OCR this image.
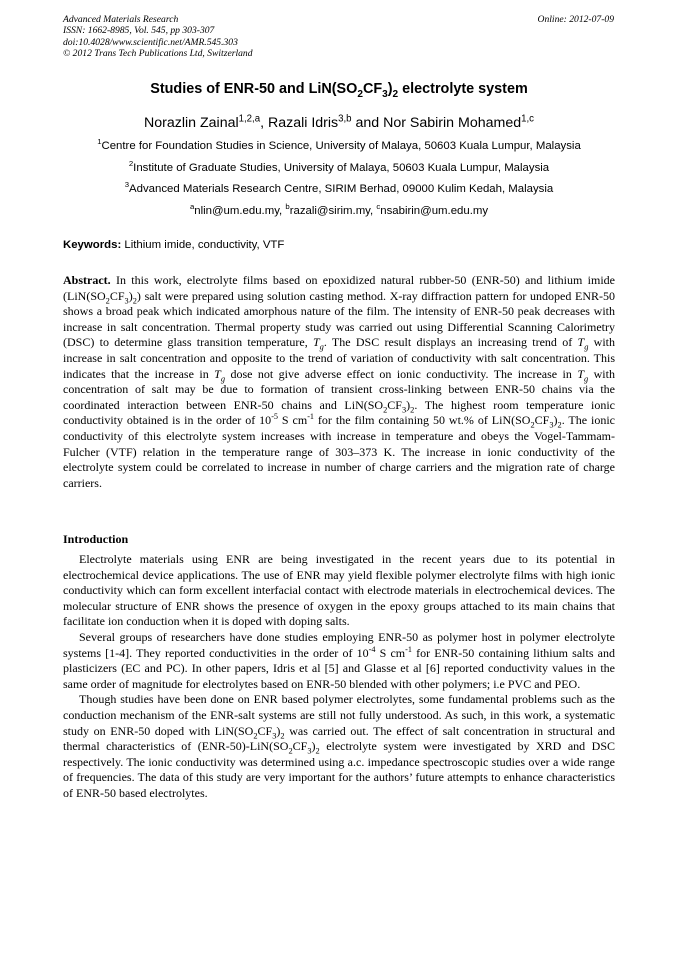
Advanced Materials Research
ISSN: 1662-8985, Vol. 545, pp 303-307
doi:10.4028/www.scientific.net/AMR.545.303
© 2012 Trans Tech Publications Ltd, Switzerland
Online: 2012-07-09
Studies of ENR-50 and $LiN(SO_2CF_3)_2$ electrolyte system
Norazlin Zainal$^{1,2,a}$, Razali Idris$^{3,b}$ and Nor Sabirin Mohamed$^{1,c}$
$^1$Centre for Foundation Studies in Science, University of Malaya, 50603 Kuala Lumpur, Malaysia
$^2$Institute of Graduate Studies, University of Malaya, 50603 Kuala Lumpur, Malaysia
$^3$Advanced Materials Research Centre, SIRIM Berhad, 09000 Kulim Kedah, Malaysia
$^a$nlin@um.edu.my, $^b$razali@sirim.my, $^c$nsabirin@um.edu.my
Keywords: Lithium imide, conductivity, VTF
Abstract. In this work, electrolyte films based on epoxidized natural rubber-50 (ENR-50) and lithium imide $(LiN(SO_2CF_3)_2)$ salt were prepared using solution casting method. X-ray diffraction pattern for undoped ENR-50 shows a broad peak which indicated amorphous nature of the film. The intensity of ENR-50 peak decreases with increase in salt concentration. Thermal property study was carried out using Differential Scanning Calorimetry (DSC) to determine glass transition temperature, $T_g$. The DSC result displays an increasing trend of $T_g$ with increase in salt concentration and opposite to the trend of variation of conductivity with salt concentration. This indicates that the increase in $T_g$ dose not give adverse effect on ionic conductivity. The increase in $T_g$ with concentration of salt may be due to formation of transient cross-linking between ENR-50 chains via the coordinated interaction between ENR-50 chains and $LiN(SO_2CF_3)_2$. The highest room temperature ionic conductivity obtained is in the order of $10^{-5}$ S $cm^{-1}$ for the film containing 50 wt.% of $LiN(SO_2CF_3)_2$. The ionic conductivity of this electrolyte system increases with increase in temperature and obeys the Vogel-Tammam-Fulcher (VTF) relation in the temperature range of 303–373 K. The increase in ionic conductivity of the electrolyte system could be correlated to increase in number of charge carriers and the migration rate of charge carriers.
Introduction

Electrolyte materials using ENR are being investigated in the recent years due to its potential in electrochemical device applications. The use of ENR may yield flexible polymer electrolyte films with high ionic conductivity which can form excellent interfacial contact with electrode materials in electrochemical devices. The molecular structure of ENR shows the presence of oxygen in the epoxy groups attached to its main chains that facilitate ion conduction when it is doped with doping salts.

Several groups of researchers have done studies employing ENR-50 as polymer host in polymer electrolyte systems [1-4]. They reported conductivities in the order of $10^{-4}$ S $cm^{-1}$ for ENR-50 containing lithium salts and plasticizers (EC and PC). In other papers, Idris et al [5] and Glasse et al [6] reported conductivity values in the same order of magnitude for electrolytes based on ENR-50 blended with other polymers; i.e PVC and PEO.

Though studies have been done on ENR based polymer electrolytes, some fundamental problems such as the conduction mechanism of the ENR-salt systems are still not fully understood. As such, in this work, a systematic study on ENR-50 doped with $LiN(SO_2CF_3)_2$ was carried out. The effect of salt concentration in structural and thermal characteristics of $(ENR-50)-LiN(SO_2CF_3)_2$ electrolyte system were investigated by XRD and DSC respectively. The ionic conductivity was determined using a.c. impedance spectroscopic studies over a wide range of frequencies. The data of this study are very important for the authors’ future attempts to enhance characteristics of ENR-50 based electrolytes.
